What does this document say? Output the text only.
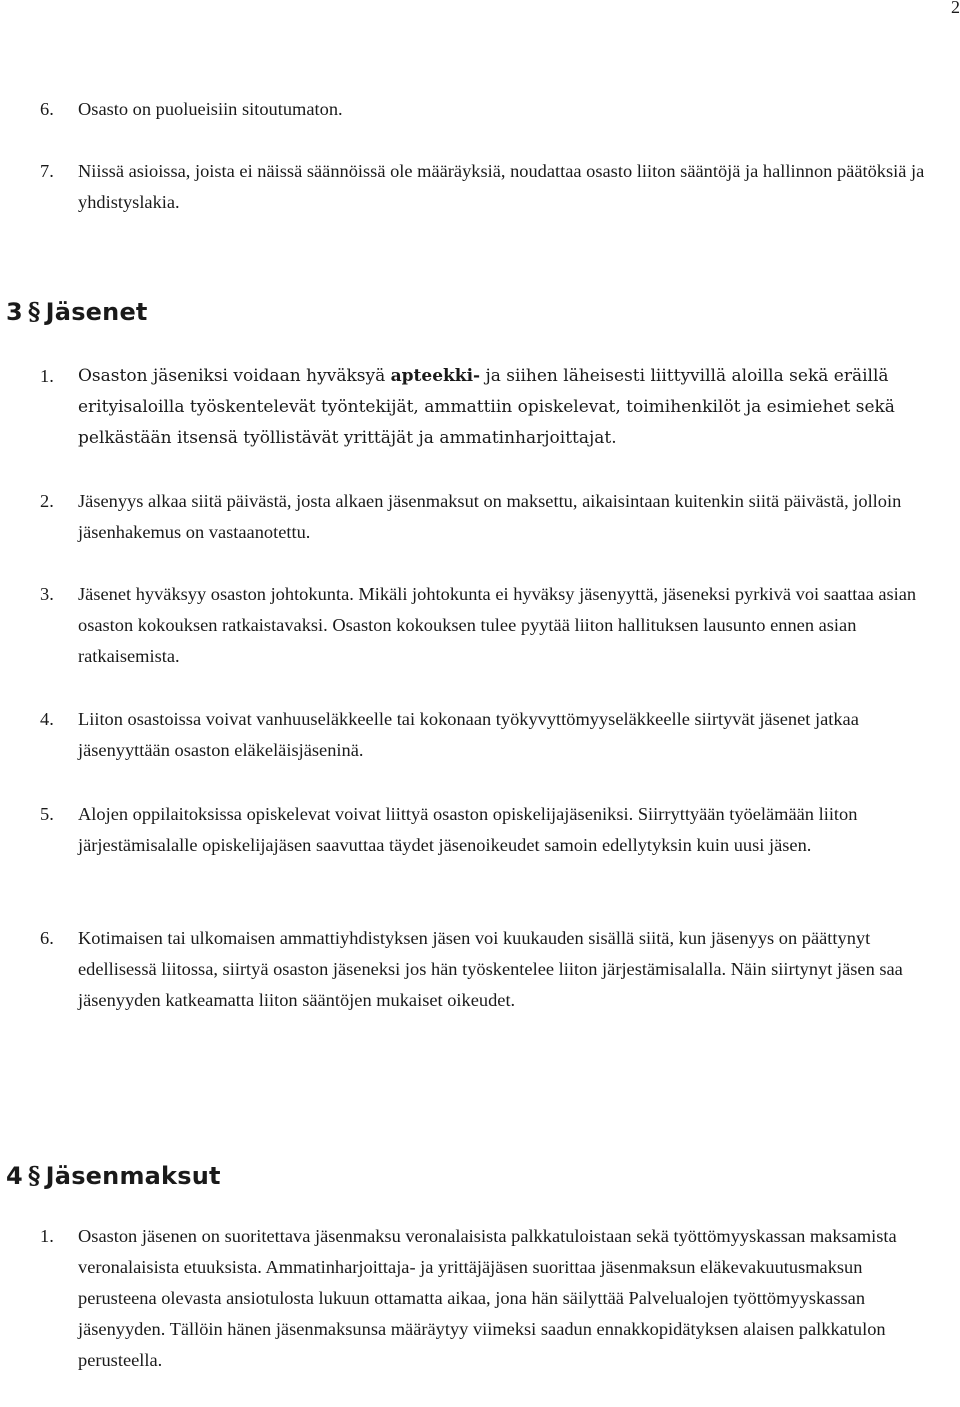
2

6.	Osasto on puolueisiin sitoutumaton.

7.	Niissä asioissa, joista ei näissä säännöissä ole määräyksiä, noudattaa osasto liiton sääntöjä ja hallinnon päätöksiä ja yhdistyslakia.

3 § Jäsenet

1.	Osaston jäseniksi voidaan hyväksyä apteekki- ja siihen läheisesti liittyvillä aloilla sekä eräillä erityisaloilla työskentelevät työntekijät, ammattiin opiskelevat, toimihenkilöt ja esimiehet sekä pelkästään itsensä työllistävät yrittäjät ja ammatinharjoittajat.

2.	Jäsenyys alkaa siitä päivästä, josta alkaen jäsenmaksut on maksettu, aikaisintaan kuitenkin siitä päivästä, jolloin jäsenhakemus on vastaanotettu.

3.	Jäsenet hyväksyy osaston johtokunta. Mikäli johtokunta ei hyväksy jäsenyyttä, jäseneksi pyrkivä voi saattaa asian osaston kokouksen ratkaistavaksi. Osaston kokouksen tulee pyytää liiton hallituksen lausunto ennen asian ratkaisemista.

4.	Liiton osastoissa voivat vanhuuseläkkeelle tai kokonaan työkyvyttömyyseläkkeelle siirtyvät jäsenet jatkaa jäsenyyttään osaston eläkeläisjäseninä.

5.	Alojen oppilaitoksissa opiskelevat voivat liittyä osaston opiskelijajäseniksi. Siirryttyään työelämään liiton järjestämisalalle opiskelijajäsen saavuttaa täydet jäsenoikeudet samoin edellytyksin kuin uusi jäsen.

6.	Kotimaisen tai ulkomaisen ammattiyhdistyksen jäsen voi kuukauden sisällä siitä, kun jäsenyys on päättynyt edellisessä liitossa, siirtyä osaston jäseneksi jos hän työskentelee liiton järjestämisalalla. Näin siirtynyt jäsen saa jäsenyyden katkeamatta liiton sääntöjen mukaiset oikeudet.

4 § Jäsenmaksut

1.	Osaston jäsenen on suoritettava jäsenmaksu veronalaisista palkkatuloistaan sekä työttömyyskassan maksamista veronalaisista etuuksista. Ammatinharjoittaja- ja yrittäjäjäsen suorittaa jäsenmaksun eläkevakuutusmaksun perusteena olevasta ansiotulosta lukuun ottamatta aikaa, jona hän säilyttää Palvelualojen työttömyyskassan jäsenyyden. Tällöin hänen jäsenmaksunsa määräytyy viimeksi saadun ennakkopidätyksen alaisen palkkatulon perusteella.
